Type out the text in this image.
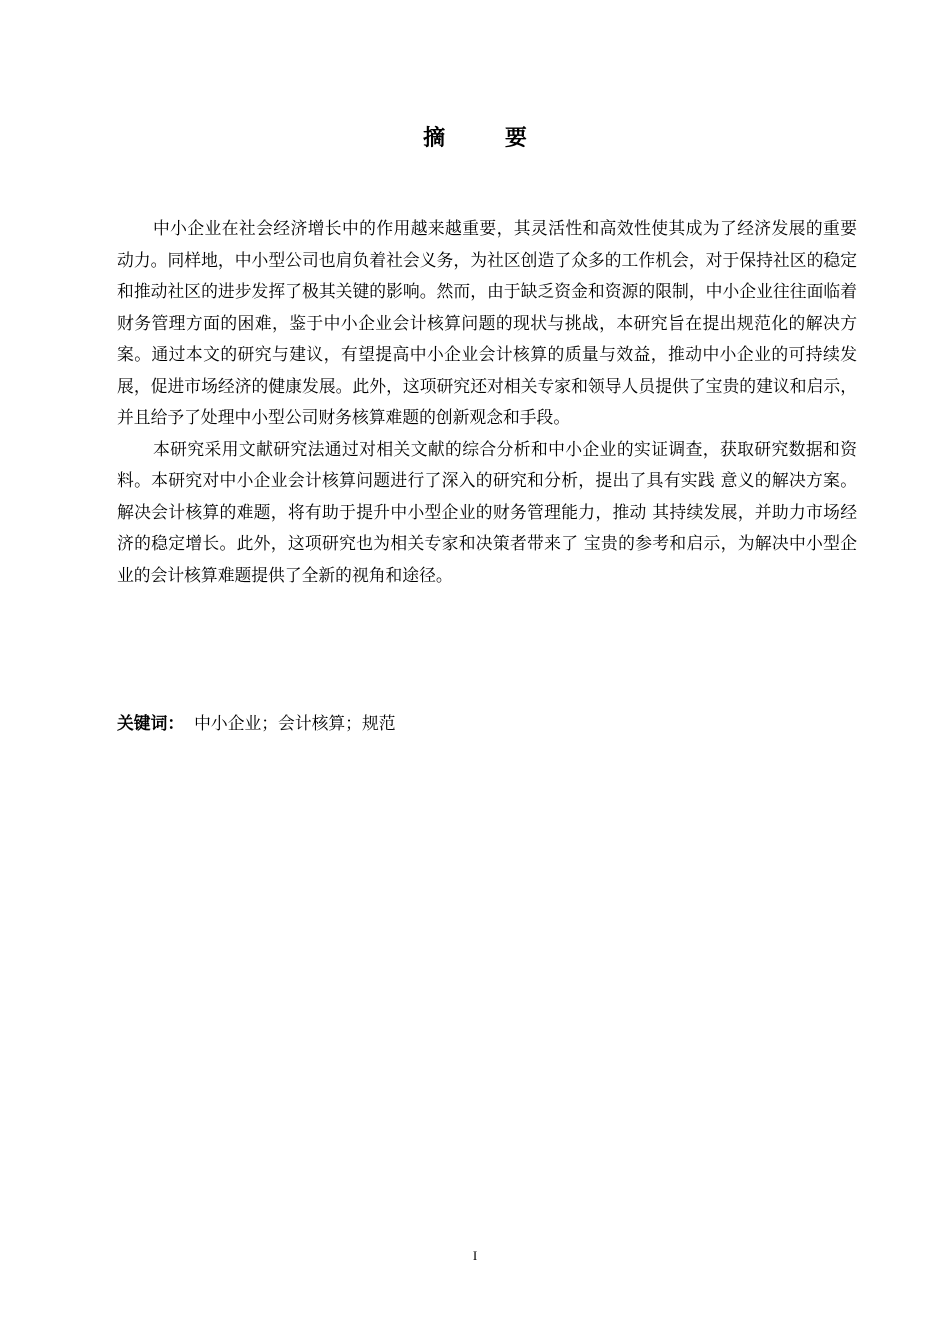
摘 要

中小企业在社会经济增长中的作用越来越重要，其灵活性和高效性使其成为了经济发展的重要动力。同样地，中小型公司也肩负着社会义务，为社区创造了众多的工作机会，对于保持社区的稳定和推动社区的进步发挥了极其关键的影响。然而，由于缺乏资金和资源的限制，中小企业往往面临着财务管理方面的困难，鉴于中小企业会计核算问题的现状与挑战，本研究旨在提出规范化的解决方案。通过本文的研究与建议，有望提高中小企业会计核算的质量与效益，推动中小企业的可持续发展，促进市场经济的健康发展。此外，这项研究还对相关专家和领导人员提供了宝贵的建议和启示，并且给予了处理中小型公司财务核算难题的创新观念和手段。

本研究采用文献研究法通过对相关文献的综合分析和中小企业的实证调查，获取研究数据和资料。本研究对中小企业会计核算问题进行了深入的研究和分析，提出了具有实践 意义的解决方案。解决会计核算的难题，将有助于提升中小型企业的财务管理能力，推动 其持续发展，并助力市场经济的稳定增长。此外，这项研究也为相关专家和决策者带来了 宝贵的参考和启示，为解决中小型企业的会计核算难题提供了全新的视角和途径。

关键词： 中小企业；会计核算；规范
I
